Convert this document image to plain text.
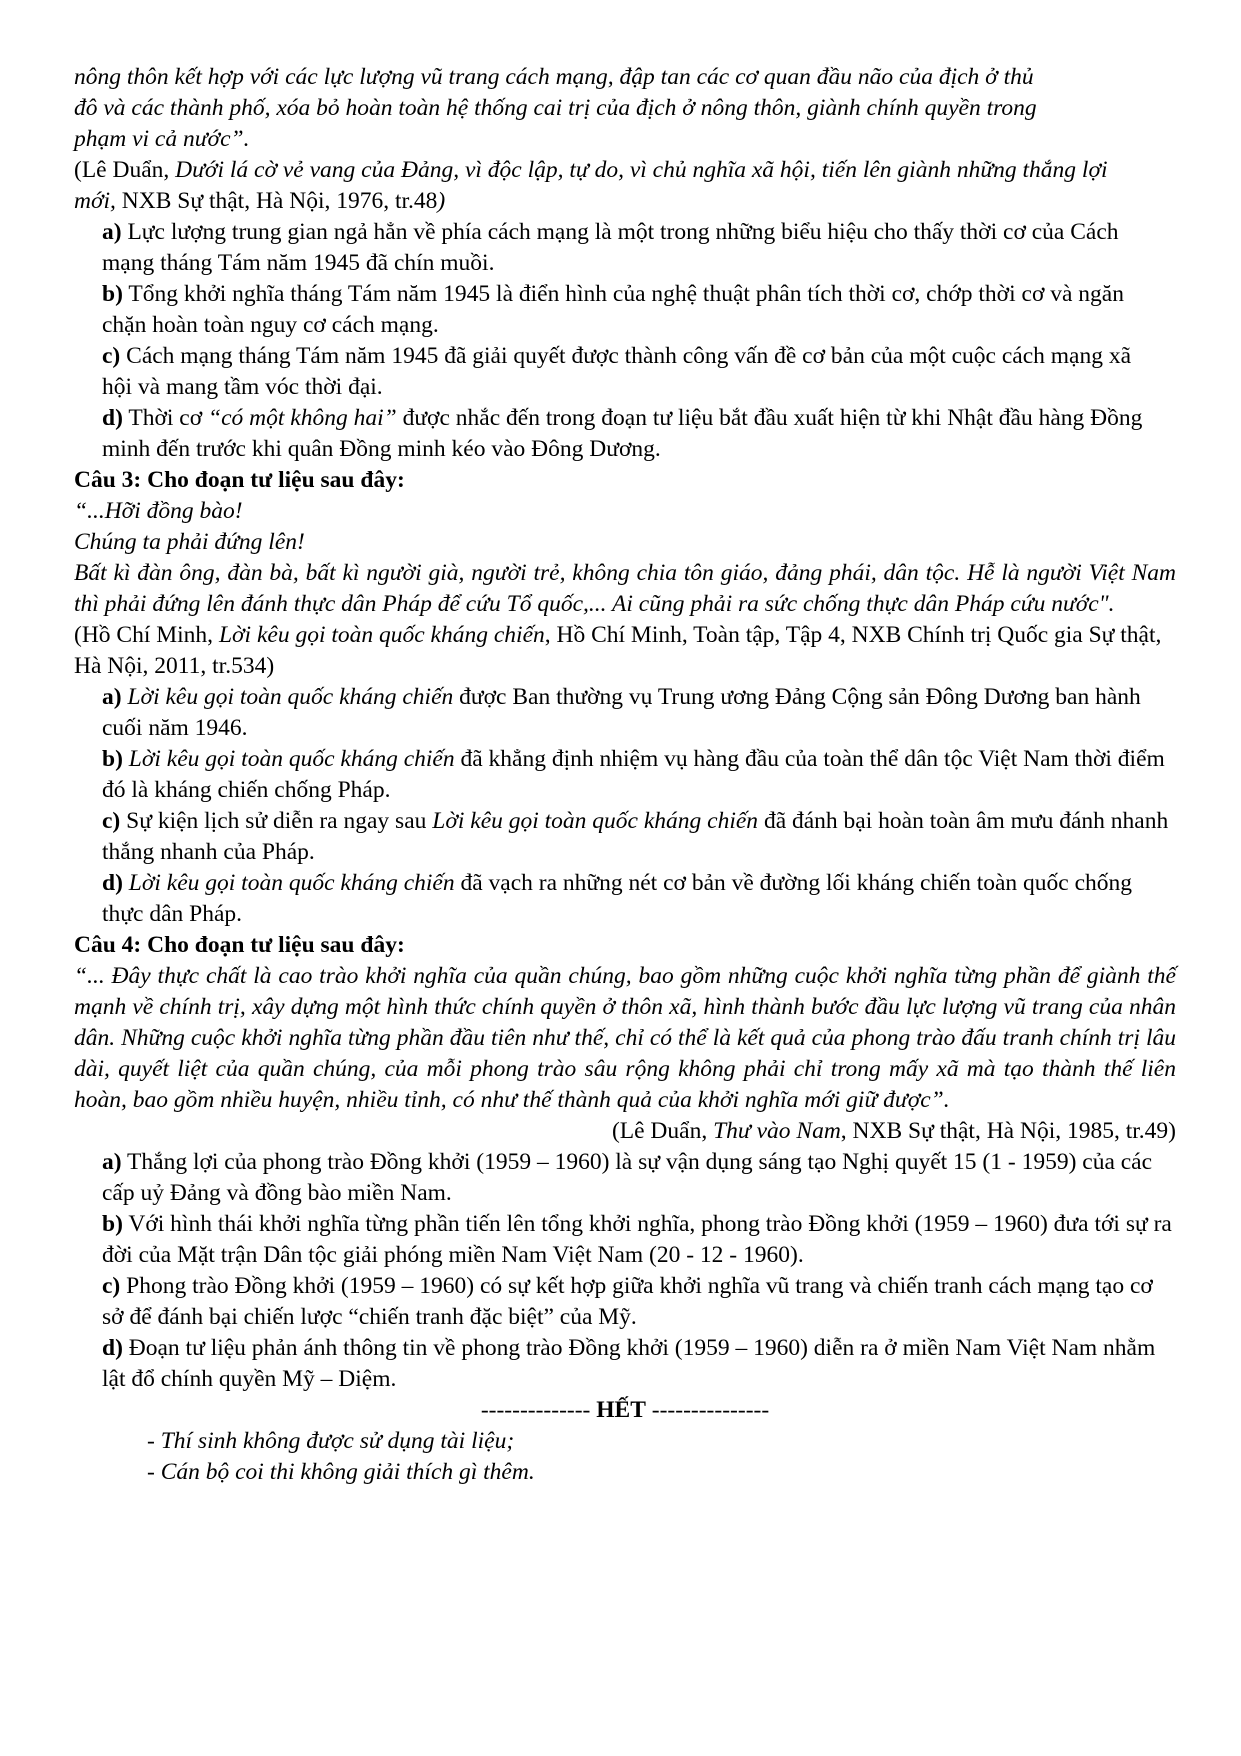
nông thôn kết hợp với các lực lượng vũ trang cách mạng, đập tan các cơ quan đầu não của địch ở thủ

đô và các thành phố, xóa bỏ hoàn toàn hệ thống cai trị của địch ở nông thôn, giành chính quyền trong

phạm vi cả nước”.

(Lê Duẩn, Dưới lá cờ vẻ vang của Đảng, vì độc lập, tự do, vì chủ nghĩa xã hội, tiến lên giành những thắng lợi mới, NXB Sự thật, Hà Nội, 1976, tr.48)

a) Lực lượng trung gian ngả hẳn về phía cách mạng là một trong những biểu hiệu cho thấy thời cơ của Cách mạng tháng Tám năm 1945 đã chín muồi.

b) Tổng khởi nghĩa tháng Tám năm 1945 là điển hình của nghệ thuật phân tích thời cơ, chớp thời cơ và ngăn chặn hoàn toàn nguy cơ cách mạng.

c) Cách mạng tháng Tám năm 1945 đã giải quyết được thành công vấn đề cơ bản của một cuộc cách mạng xã hội và mang tầm vóc thời đại.

d) Thời cơ “có một không hai” được nhắc đến trong đoạn tư liệu bắt đầu xuất hiện từ khi Nhật đầu hàng Đồng minh đến trước khi quân Đồng minh kéo vào Đông Dương.

Câu 3: Cho đoạn tư liệu sau đây:

“...Hỡi đồng bào!

Chúng ta phải đứng lên!

Bất kì đàn ông, đàn bà, bất kì người già, người trẻ, không chia tôn giáo, đảng phái, dân tộc. Hễ là người Việt Nam thì phải đứng lên đánh thực dân Pháp để cứu Tổ quốc,... Ai cũng phải ra sức chống thực dân Pháp cứu nước".

(Hồ Chí Minh, Lời kêu gọi toàn quốc kháng chiến, Hồ Chí Minh, Toàn tập, Tập 4, NXB Chính trị Quốc gia Sự thật, Hà Nội, 2011, tr.534)

a) Lời kêu gọi toàn quốc kháng chiến được Ban thường vụ Trung ương Đảng Cộng sản Đông Dương ban hành cuối năm 1946.

b) Lời kêu gọi toàn quốc kháng chiến đã khẳng định nhiệm vụ hàng đầu của toàn thể dân tộc Việt Nam thời điểm đó là kháng chiến chống Pháp.

c) Sự kiện lịch sử diễn ra ngay sau Lời kêu gọi toàn quốc kháng chiến đã đánh bại hoàn toàn âm mưu đánh nhanh thắng nhanh của Pháp.

d) Lời kêu gọi toàn quốc kháng chiến đã vạch ra những nét cơ bản về đường lối kháng chiến toàn quốc chống thực dân Pháp.

Câu 4: Cho đoạn tư liệu sau đây:

“... Đây thực chất là cao trào khởi nghĩa của quần chúng, bao gồm những cuộc khởi nghĩa từng phần để giành thế mạnh về chính trị, xây dựng một hình thức chính quyền ở thôn xã, hình thành bước đầu lực lượng vũ trang của nhân dân. Những cuộc khởi nghĩa từng phần đầu tiên như thế, chỉ có thể là kết quả của phong trào đấu tranh chính trị lâu dài, quyết liệt của quần chúng, của mỗi phong trào sâu rộng không phải chỉ trong mấy xã mà tạo thành thế liên hoàn, bao gồm nhiều huyện, nhiều tỉnh, có như thế thành quả của khởi nghĩa mới giữ được”.

(Lê Duẩn, Thư vào Nam, NXB Sự thật, Hà Nội, 1985, tr.49)

a) Thắng lợi của phong trào Đồng khởi (1959 – 1960) là sự vận dụng sáng tạo Nghị quyết 15 (1 - 1959) của các cấp uỷ Đảng và đồng bào miền Nam.

b) Với hình thái khởi nghĩa từng phần tiến lên tổng khởi nghĩa, phong trào Đồng khởi (1959 – 1960) đưa tới sự ra đời của Mặt trận Dân tộc giải phóng miền Nam Việt Nam (20 - 12 - 1960).

c) Phong trào Đồng khởi (1959 – 1960) có sự kết hợp giữa khởi nghĩa vũ trang và chiến tranh cách mạng tạo cơ sở để đánh bại chiến lược “chiến tranh đặc biệt” của Mỹ.

d) Đoạn tư liệu phản ánh thông tin về phong trào Đồng khởi (1959 – 1960) diễn ra ở miền Nam Việt Nam nhằm lật đổ chính quyền Mỹ – Diệm.

-------------- HẾT ---------------

- Thí sinh không được sử dụng tài liệu;

- Cán bộ coi thi không giải thích gì thêm.
